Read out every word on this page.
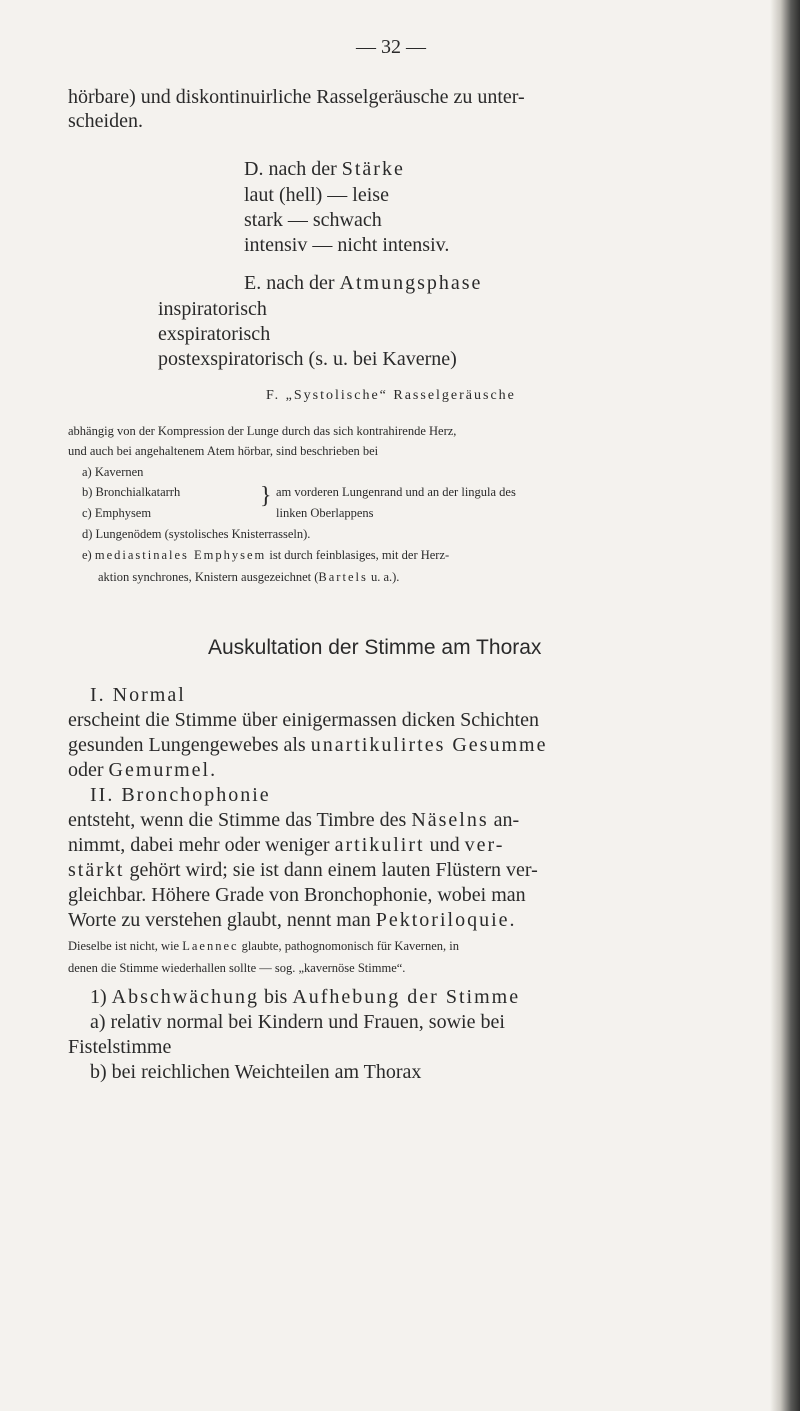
— 32 —
hörbare) und diskontinuirliche Rasselgeräusche zu unter-
scheiden.
D. nach der Stärke
laut (hell) — leise
stark — schwach
intensiv — nicht intensiv.
E. nach der Atmungsphase
inspiratorisch
exspiratorisch
postexspiratorisch (s. u. bei Kaverne)
F. „Systolische“ Rasselgeräusche
abhängig von der Kompression der Lunge durch das sich kontrahirende Herz,
und auch bei angehaltenem Atem hörbar, sind beschrieben bei
a) Kavernen
b) Bronchialkatarrh	} am vorderen Lungenrand und an der lingula des
c) Emphysem	linken Oberlappens
d) Lungenödem (systolisches Knisterrasseln).
e) mediastinales Emphysem ist durch feinblasiges, mit der Herz-
aktion synchrones, Knistern ausgezeichnet (Bartels u. a.).
Auskultation der Stimme am Thorax
I. Normal
erscheint die Stimme über einigermassen dicken Schichten
gesunden Lungengewebes als unartikulirtes Gesumme
oder Gemurmel.
II. Bronchophonie
entsteht, wenn die Stimme das Timbre des Näselns an-
nimmt, dabei mehr oder weniger artikulirt und ver-
stärkt gehört wird; sie ist dann einem lauten Flüstern ver-
gleichbar. Höhere Grade von Bronchophonie, wobei man
Worte zu verstehen glaubt, nennt man Pektoriloquie.
Dieselbe ist nicht, wie Laennec glaubte, pathognomonisch für Kavernen, in
denen die Stimme wiederhallen sollte — sog. „kavernöse Stimme“.
1) Abschwächung bis Aufhebung der Stimme
a) relativ normal bei Kindern und Frauen, sowie bei
Fistelstimme
b) bei reichlichen Weichteilen am Thorax
